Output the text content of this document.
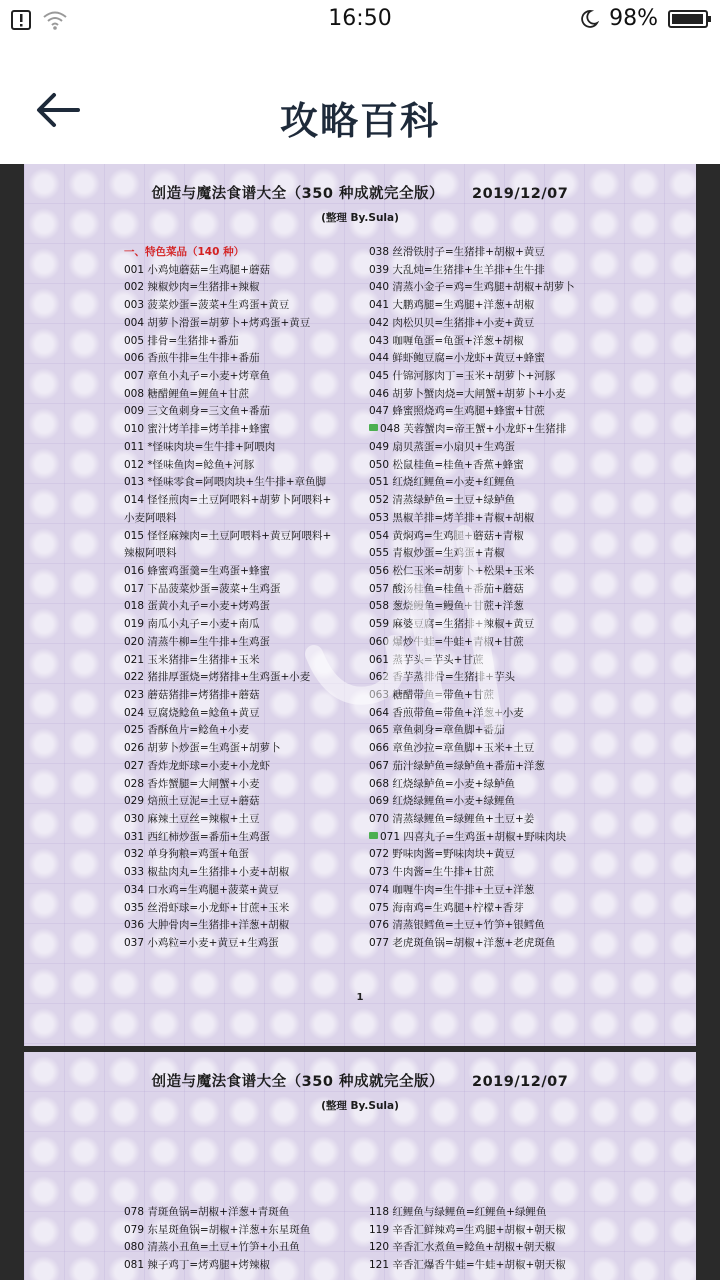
16:50	98%
攻略百科
创造与魔法食谱大全（350 种成就完全版） 2019/12/07
(整理 By.Sula)
一、特色菜品（140 种）
001 小鸡炖蘑菇=生鸡腿+蘑菇
002 辣椒炒肉=生猪排+辣椒
003 菠菜炒蛋=菠菜+生鸡蛋+黄豆
004 胡萝卜滑蛋=胡萝卜+烤鸡蛋+黄豆
005 排骨=生猪排+番茄
006 香煎牛排=生牛排+番茄
007 章鱼小丸子=小麦+烤章鱼
008 糖醋鲤鱼=鲤鱼+甘蔗
009 三文鱼刺身=三文鱼+番茄
010 蜜汁烤羊排=烤羊排+蜂蜜
011 *怪味肉块=生牛排+阿喂肉
012 *怪味鱼肉=鲶鱼+河豚
013 *怪味零食=阿喂肉块+生牛排+章鱼脚
014 怪怪煎肉=土豆阿喂料+胡萝卜阿喂料+
小麦阿喂料
015 怪怪麻辣肉=土豆阿喂料+黄豆阿喂料+
辣椒阿喂料
016 蜂蜜鸡蛋羹=生鸡蛋+蜂蜜
017 下品菠菜炒蛋=菠菜+生鸡蛋
018 蛋黄小丸子=小麦+烤鸡蛋
019 南瓜小丸子=小麦+南瓜
020 清蒸牛柳=生牛排+生鸡蛋
021 玉米猪排=生猪排+玉米
022 猪排厚蛋烧=烤猪排+生鸡蛋+小麦
023 蘑菇猪排=烤猪排+蘑菇
024 豆腐烧鲶鱼=鲶鱼+黄豆
025 香酥鱼片=鲶鱼+小麦
026 胡萝卜炒蛋=生鸡蛋+胡萝卜
027 香炸龙虾球=小麦+小龙虾
028 香炸蟹腿=大闸蟹+小麦
029 焙煎土豆泥=土豆+蘑菇
030 麻辣土豆丝=辣椒+土豆
031 西红柿炒蛋=番茄+生鸡蛋
032 单身狗粮=鸡蛋+龟蛋
033 椒盐肉丸=生猪排+小麦+胡椒
034 口水鸡=生鸡腿+菠菜+黄豆
035 丝滑虾球=小龙虾+甘蔗+玉米
036 大肿骨肉=生猪排+洋葱+胡椒
037 小鸡粒=小麦+黄豆+生鸡蛋
038 丝滑铁肘子=生猪排+胡椒+黄豆
039 大乱炖=生猪排+生羊排+生牛排
040 清蒸小金子=鸡=生鸡腿+胡椒+胡萝卜
041 大鹏鸡腿=生鸡腿+洋葱+胡椒
042 肉松贝贝=生猪排+小麦+黄豆
043 咖喱龟蛋=龟蛋+洋葱+胡椒
044 鲜虾鲍豆腐=小龙虾+黄豆+蜂蜜
045 什锦河豚肉丁=玉米+胡萝卜+河豚
046 胡萝卜蟹肉烧=大闸蟹+胡萝卜+小麦
047 蜂蜜照烧鸡=生鸡腿+蜂蜜+甘蔗
048 芙蓉蟹肉=帝王蟹+小龙虾+生猪排
049 扇贝蒸蛋=小扇贝+生鸡蛋
050 松鼠桂鱼=桂鱼+香蕉+蜂蜜
051 红烧红鲤鱼=小麦+红鲤鱼
052 清蒸绿鲈鱼=土豆+绿鲈鱼
053 黑椒羊排=烤羊排+青椒+胡椒
054 黄焖鸡=生鸡腿+蘑菇+青椒
055 青椒炒蛋=生鸡蛋+青椒
056 松仁玉米=胡萝卜+松果+玉米
057 酸汤桂鱼=桂鱼+番茄+蘑菇
058 葱烧鳗鱼=鳗鱼+甘蔗+洋葱
059 麻婆豆腐=生猪排+辣椒+黄豆
060 爆炒牛蛙=牛蛙+青椒+甘蔗
061 蒸芋头=芋头+甘蔗
062 香芋蒸排骨=生猪排+芋头
063 糖醋带鱼=带鱼+甘蔗
064 香煎带鱼=带鱼+洋葱+小麦
065 章鱼刺身=章鱼脚+番茄
066 章鱼沙拉=章鱼脚+玉米+土豆
067 茄汁绿鲈鱼=绿鲈鱼+番茄+洋葱
068 红烧绿鲈鱼=小麦+绿鲈鱼
069 红烧绿鲤鱼=小麦+绿鲤鱼
070 清蒸绿鲤鱼=绿鲤鱼+土豆+姜
071 四喜丸子=生鸡蛋+胡椒+野味肉块
072 野味肉酱=野味肉块+黄豆
073 牛肉酱=生牛排+甘蔗
074 咖喱牛肉=生牛排+土豆+洋葱
075 海南鸡=生鸡腿+柠檬+香芽
076 清蒸银鳕鱼=土豆+竹笋+银鳕鱼
077 老虎斑鱼锅=胡椒+洋葱+老虎斑鱼
1
创造与魔法食谱大全（350 种成就完全版） 2019/12/07
(整理 By.Sula)
078 青斑鱼锅=胡椒+洋葱+青斑鱼
079 东星斑鱼锅=胡椒+洋葱+东星斑鱼
080 清蒸小丑鱼=土豆+竹笋+小丑鱼
081 辣子鸡丁=烤鸡腿+烤辣椒
118 红鲤鱼与绿鲤鱼=红鲤鱼+绿鲤鱼
119 辛香汇鲜辣鸡=生鸡腿+胡椒+朝天椒
120 辛香汇水煮鱼=鲶鱼+胡椒+朝天椒
121 辛香汇爆香牛蛙=牛蛙+胡椒+朝天椒
